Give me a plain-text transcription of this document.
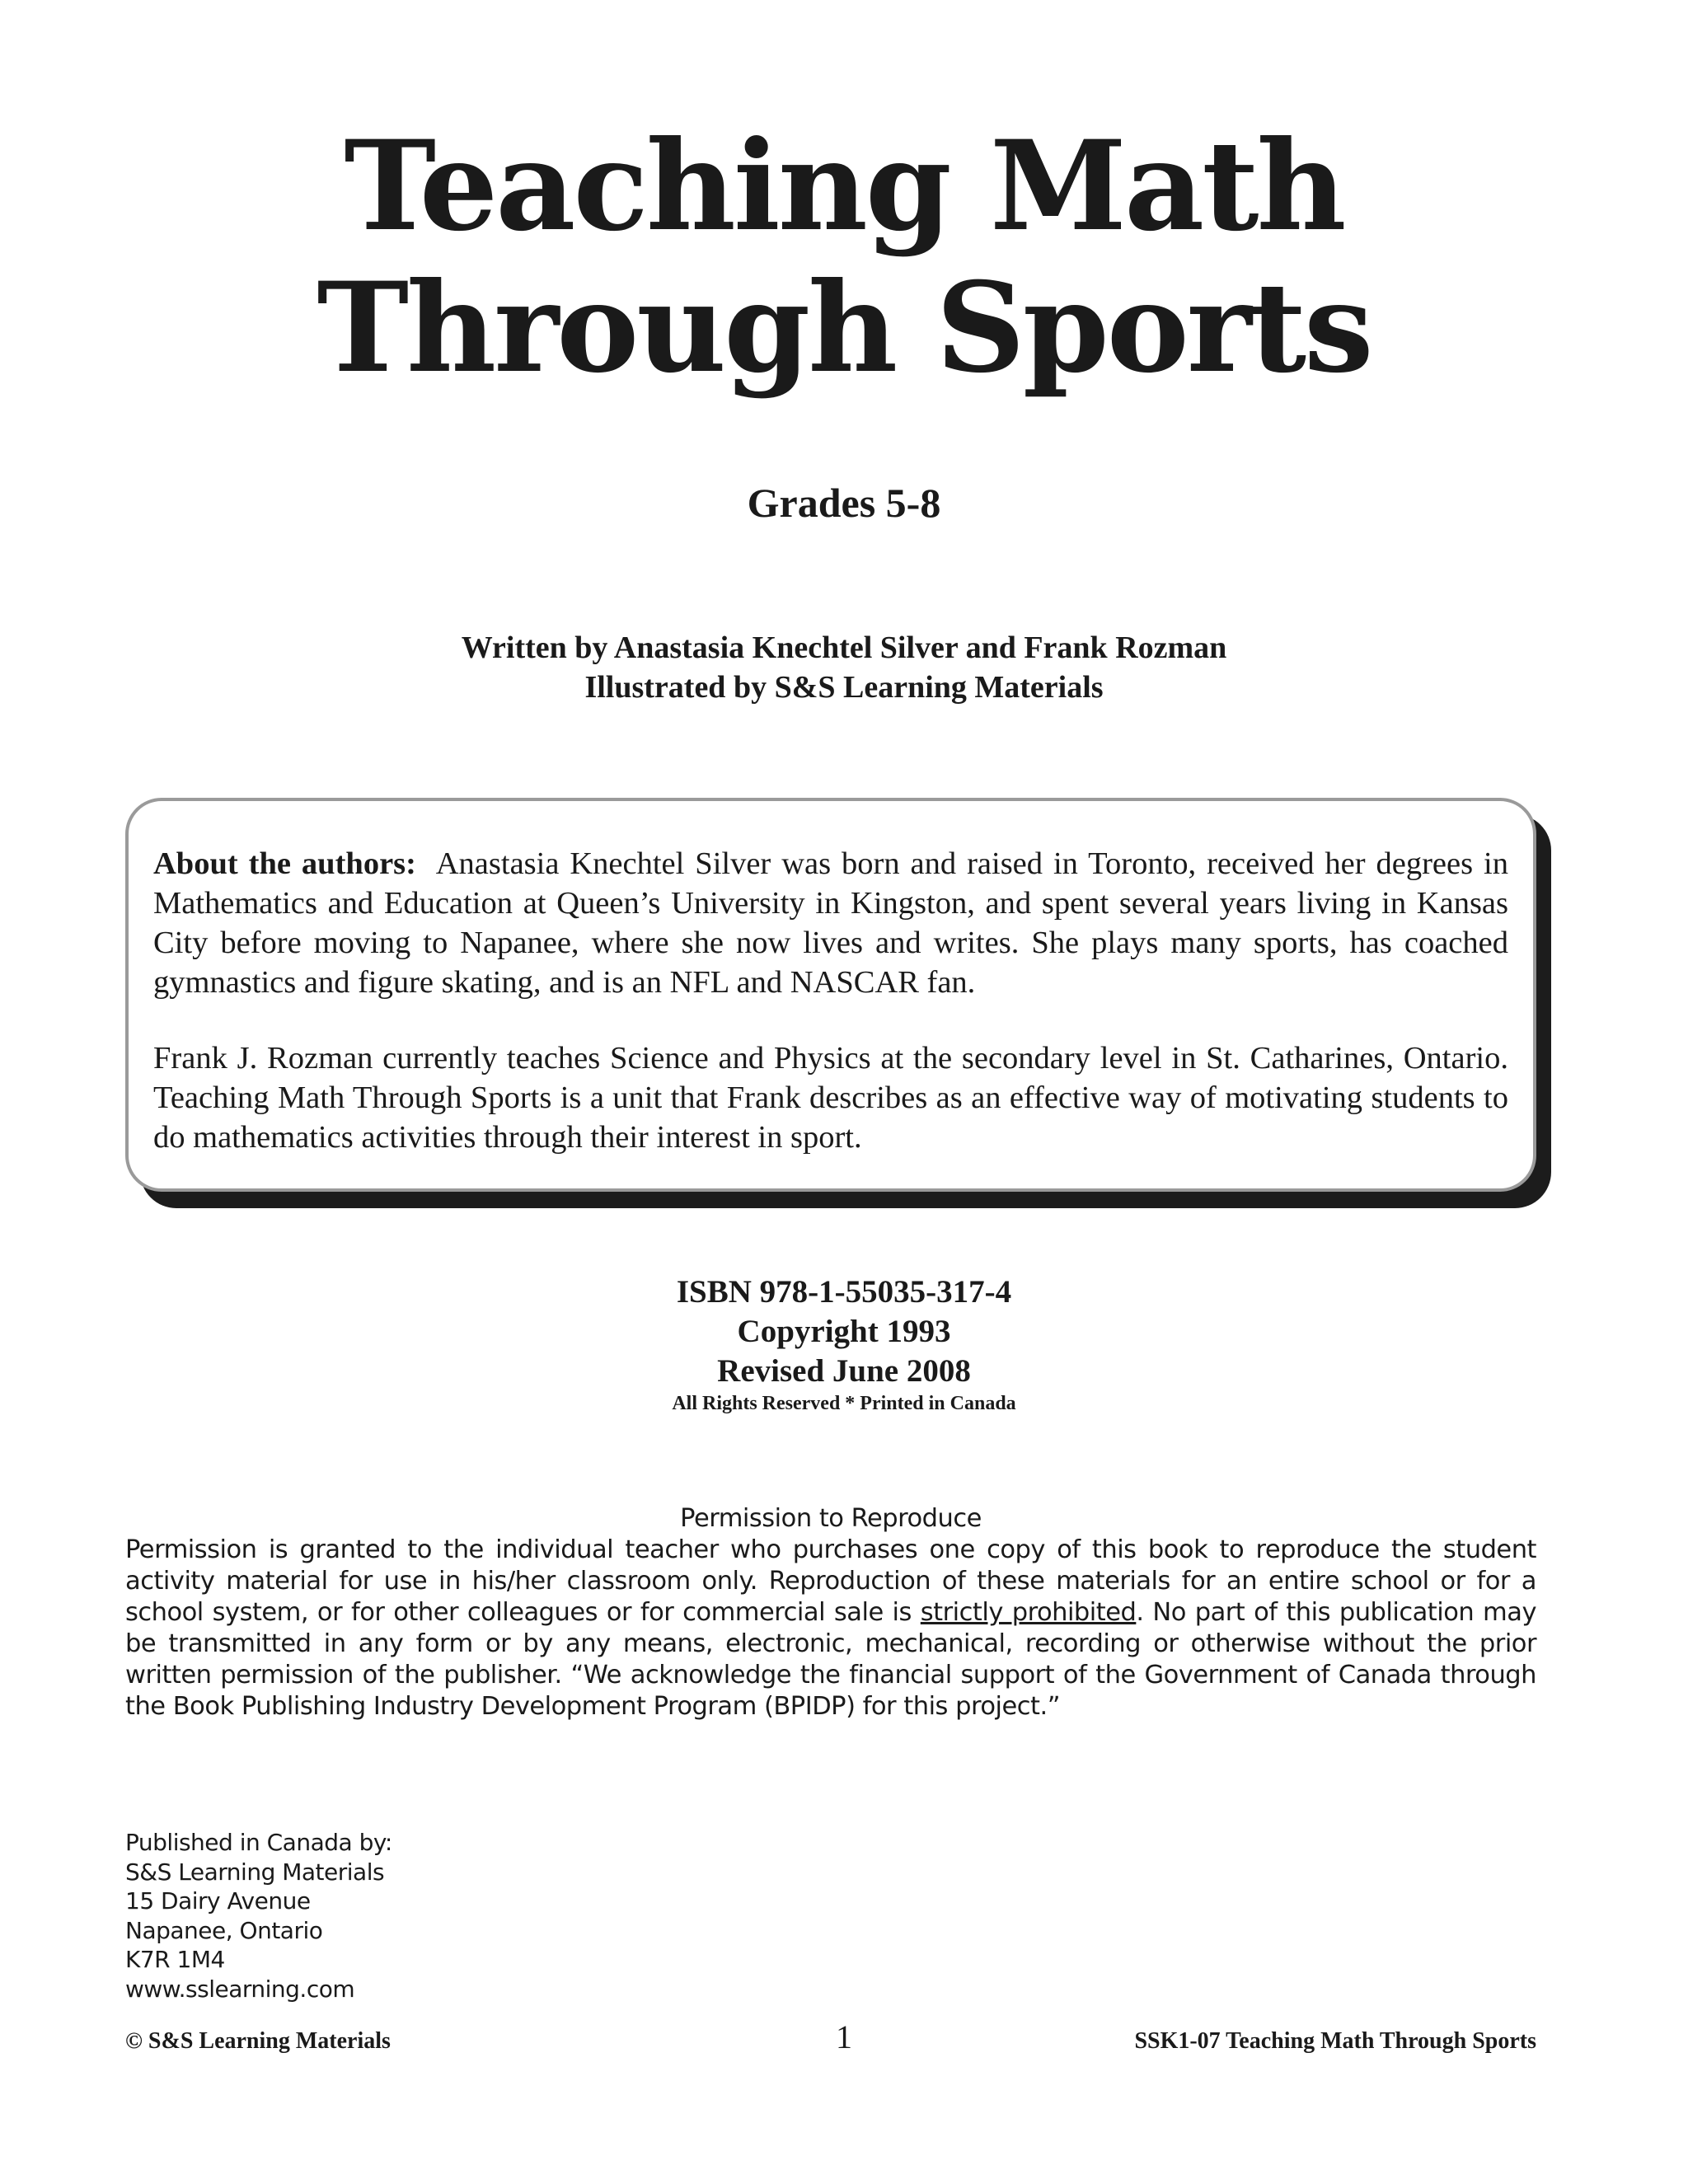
Teaching Math
Through Sports
Grades 5-8
Written by Anastasia Knechtel Silver and Frank Rozman
Illustrated by S&S Learning Materials

About the authors: Anastasia Knechtel Silver was born and raised in Toronto, received her degrees in Mathematics and Education at Queen’s University in Kingston, and spent several years living in Kansas City before moving to Napanee, where she now lives and writes. She plays many sports, has coached gymnastics and figure skating, and is an NFL and NASCAR fan.

Frank J. Rozman currently teaches Science and Physics at the secondary level in St. Catharines, Ontario. Teaching Math Through Sports is a unit that Frank describes as an effective way of motivating students to do mathematics activities through their interest in sport.

ISBN 978-1-55035-317-4
Copyright 1993
Revised June 2008
All Rights Reserved * Printed in Canada
Permission to Reproduce
Permission is granted to the individual teacher who purchases one copy of this book to reproduce the student activity material for use in his/her classroom only. Reproduction of these materials for an entire school or for a school system, or for other colleagues or for commercial sale is strictly prohibited. No part of this publication may be transmitted in any form or by any means, electronic, mechanical, recording or otherwise without the prior written permission of the publisher. “We acknowledge the financial support of the Government of Canada through the Book Publishing Industry Development Program (BPIDP) for this project.”
Published in Canada by:
S&S Learning Materials
15 Dairy Avenue
Napanee, Ontario
K7R 1M4
www.sslearning.com
© S&S Learning Materials	1	SSK1-07 Teaching Math Through Sports
